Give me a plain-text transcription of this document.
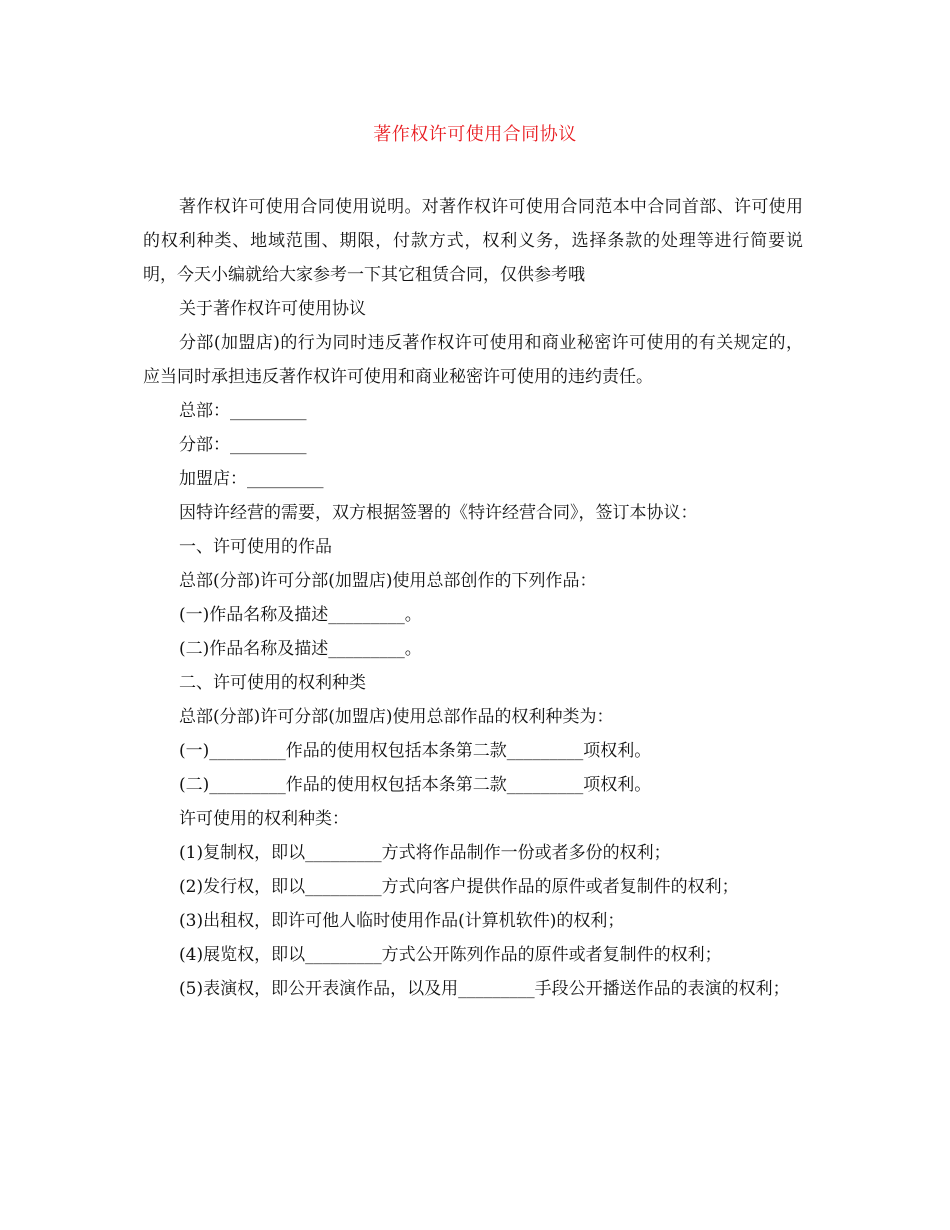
著作权许可使用合同协议

著作权许可使用合同使用说明。对著作权许可使用合同范本中合同首部、许可使用的权利种类、地域范围、期限，付款方式，权利义务，选择条款的处理等进行简要说明，今天小编就给大家参考一下其它租赁合同，仅供参考哦

关于著作权许可使用协议

分部(加盟店)的行为同时违反著作权许可使用和商业秘密许可使用的有关规定的，应当同时承担违反著作权许可使用和商业秘密许可使用的违约责任。

总部：_________

分部：_________

加盟店：_________

因特许经营的需要，双方根据签署的《特许经营合同》，签订本协议：

一、许可使用的作品

总部(分部)许可分部(加盟店)使用总部创作的下列作品：

(一)作品名称及描述_________。

(二)作品名称及描述_________。

二、许可使用的权利种类

总部(分部)许可分部(加盟店)使用总部作品的权利种类为：

(一)_________作品的使用权包括本条第二款_________项权利。

(二)_________作品的使用权包括本条第二款_________项权利。

许可使用的权利种类：

(1)复制权，即以_________方式将作品制作一份或者多份的权利；

(2)发行权，即以_________方式向客户提供作品的原件或者复制件的权利；

(3)出租权，即许可他人临时使用作品(计算机软件)的权利；

(4)展览权，即以_________方式公开陈列作品的原件或者复制件的权利；

(5)表演权，即公开表演作品，以及用_________手段公开播送作品的表演的权利；
